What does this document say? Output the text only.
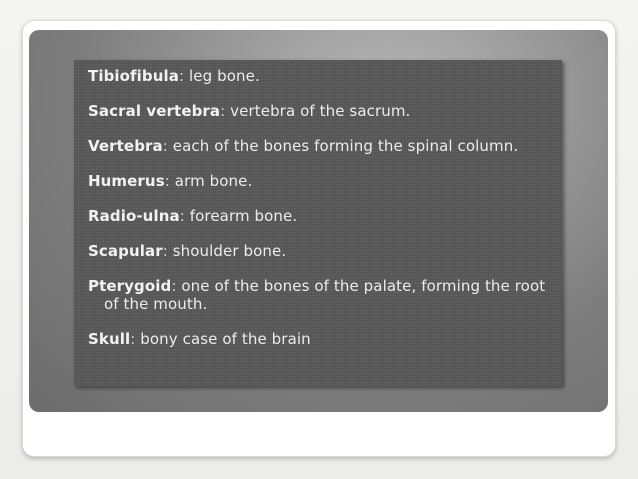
Tibiofibula: leg bone.
Sacral vertebra: vertebra of the sacrum.
Vertebra: each of the bones forming the spinal column.
Humerus: arm bone.
Radio-ulna: forearm bone.
Scapular: shoulder bone.
Pterygoid: one of the bones of the palate, forming the root of the mouth.
Skull: bony case of the brain
